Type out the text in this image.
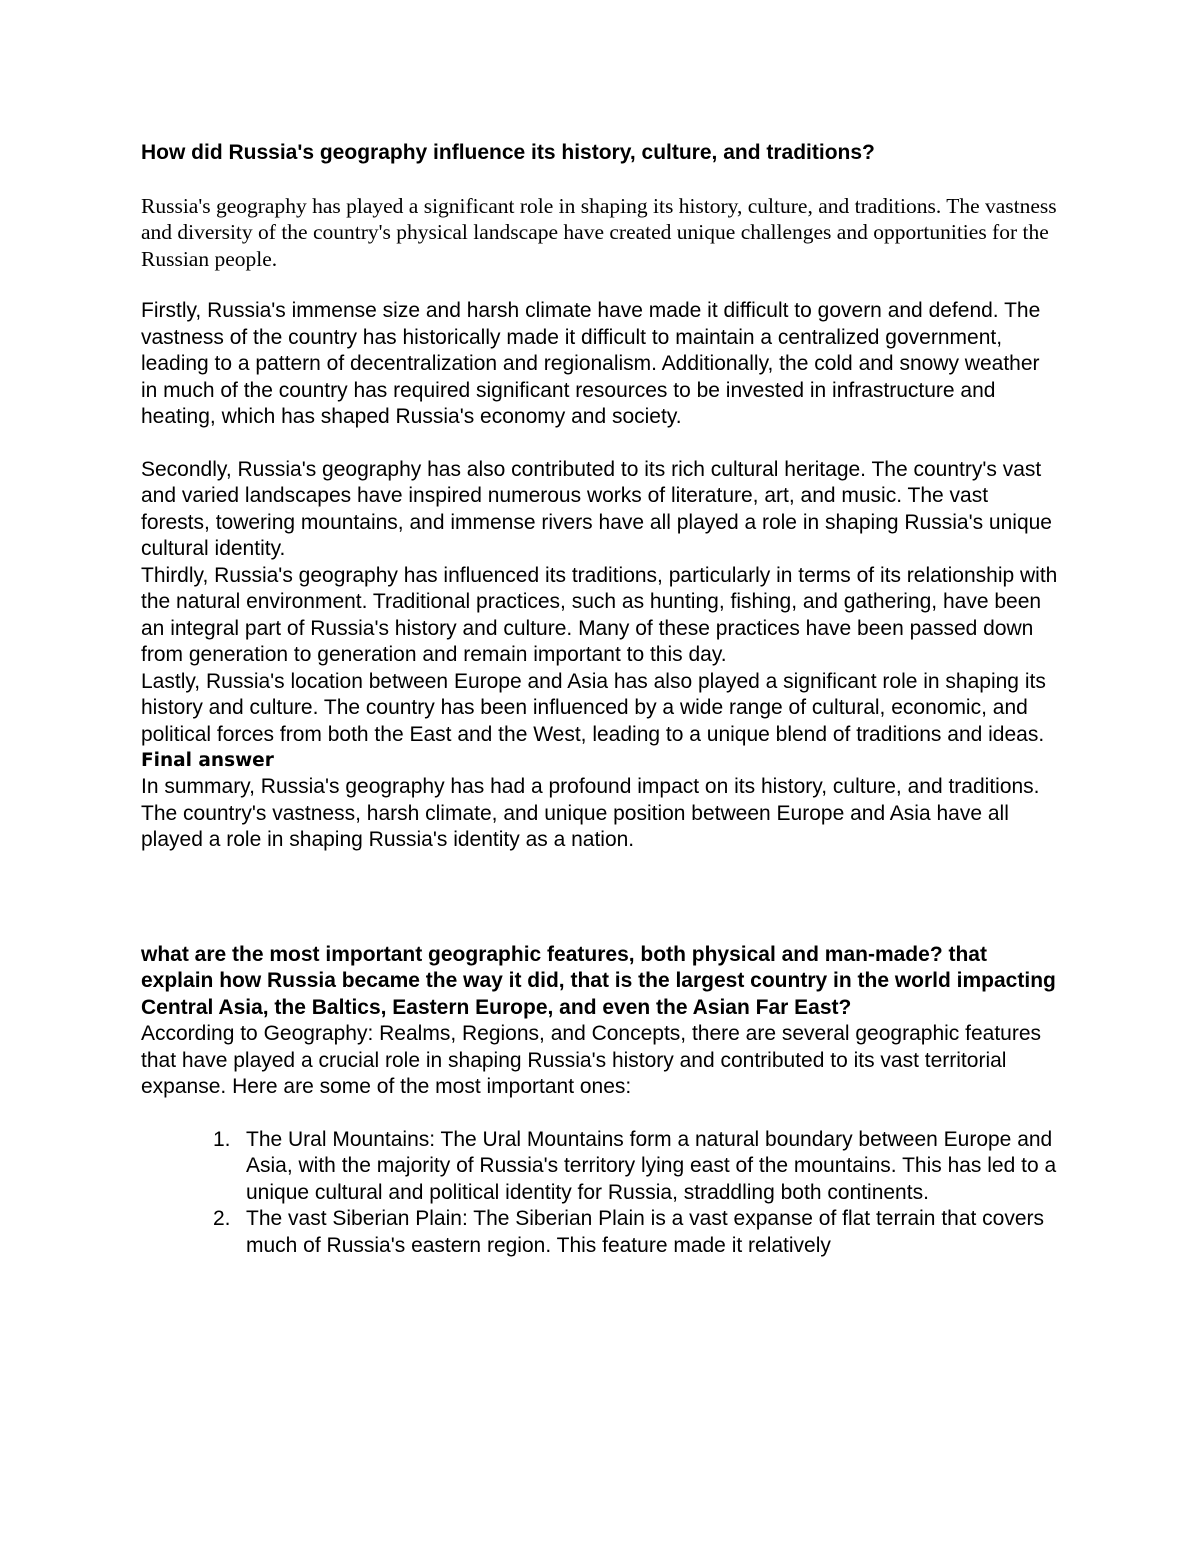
How did Russia's geography influence its history, culture, and traditions?

Russia's geography has played a significant role in shaping its history, culture, and traditions. The vastness and diversity of the country's physical landscape have created unique challenges and opportunities for the Russian people.

Firstly, Russia's immense size and harsh climate have made it difficult to govern and defend. The vastness of the country has historically made it difficult to maintain a centralized government, leading to a pattern of decentralization and regionalism. Additionally, the cold and snowy weather in much of the country has required significant resources to be invested in infrastructure and heating, which has shaped Russia's economy and society.

Secondly, Russia's geography has also contributed to its rich cultural heritage. The country's vast and varied landscapes have inspired numerous works of literature, art, and music. The vast forests, towering mountains, and immense rivers have all played a role in shaping Russia's unique cultural identity.

Thirdly, Russia's geography has influenced its traditions, particularly in terms of its relationship with the natural environment. Traditional practices, such as hunting, fishing, and gathering, have been an integral part of Russia's history and culture. Many of these practices have been passed down from generation to generation and remain important to this day.

Lastly, Russia's location between Europe and Asia has also played a significant role in shaping its history and culture. The country has been influenced by a wide range of cultural, economic, and political forces from both the East and the West, leading to a unique blend of traditions and ideas.

Final answer

In summary, Russia's geography has had a profound impact on its history, culture, and traditions. The country's vastness, harsh climate, and unique position between Europe and Asia have all played a role in shaping Russia's identity as a nation.

what are the most important geographic features, both physical and man-made? that explain how Russia became the way it did, that is the largest country in the world impacting Central Asia, the Baltics, Eastern Europe, and even the Asian Far East?

According to Geography: Realms, Regions, and Concepts, there are several geographic features that have played a crucial role in shaping Russia's history and contributed to its vast territorial expanse. Here are some of the most important ones:

1. The Ural Mountains: The Ural Mountains form a natural boundary between Europe and Asia, with the majority of Russia's territory lying east of the mountains. This has led to a unique cultural and political identity for Russia, straddling both continents.
2. The vast Siberian Plain: The Siberian Plain is a vast expanse of flat terrain that covers much of Russia's eastern region. This feature made it relatively
